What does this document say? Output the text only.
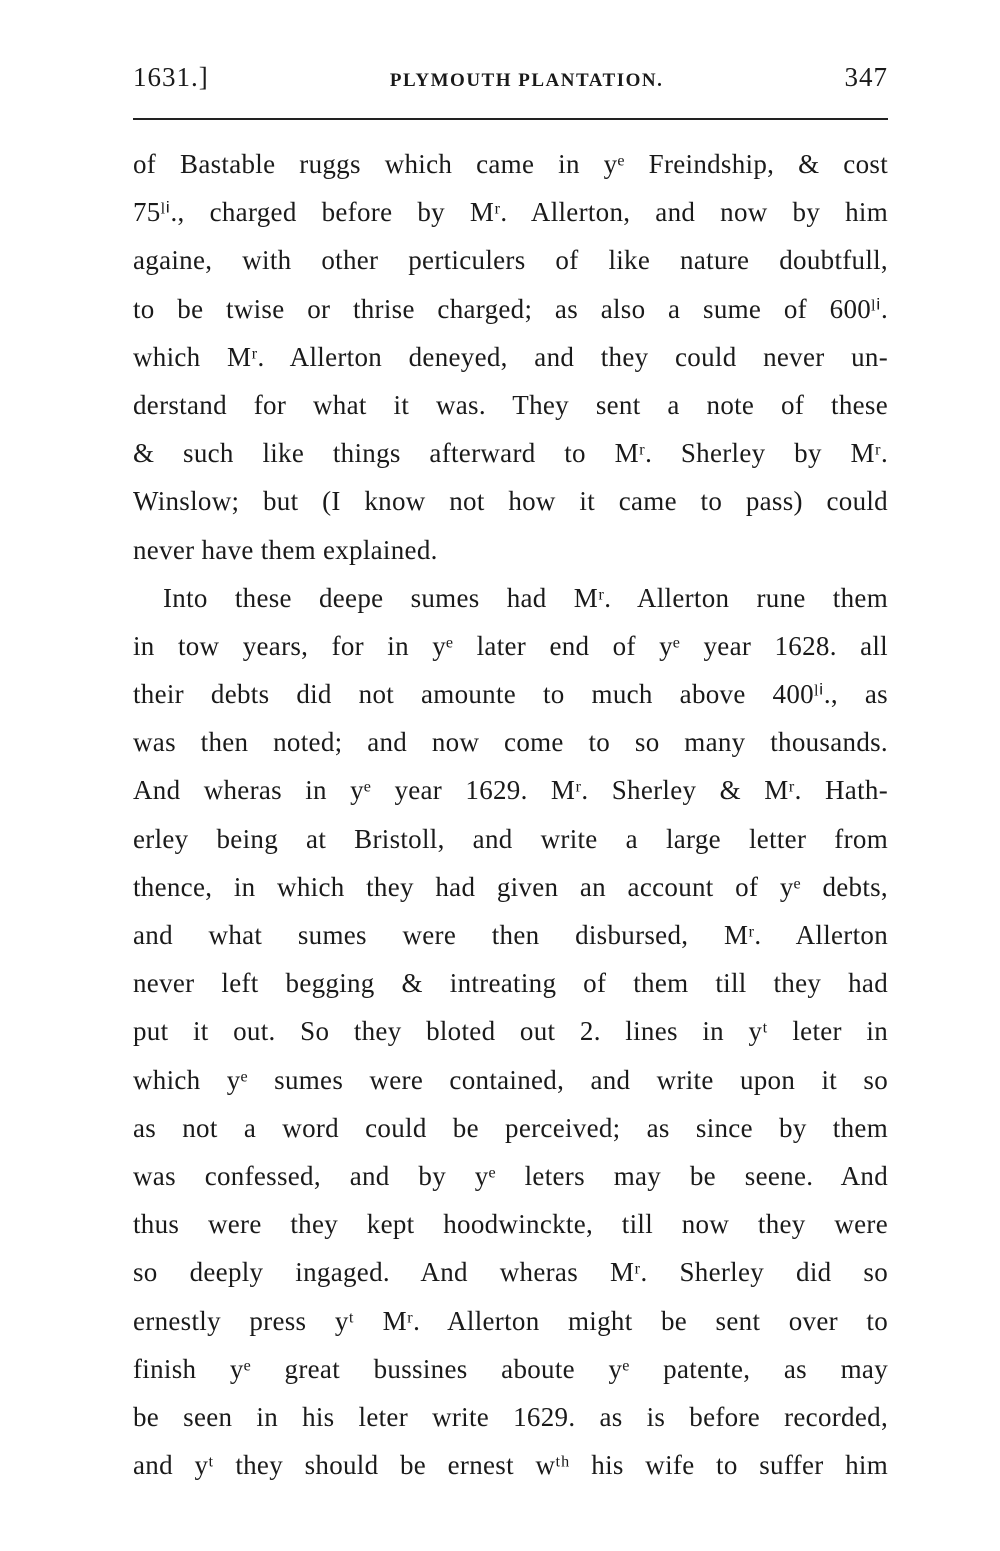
1631.]	PLYMOUTH PLANTATION.	347
of Bastable ruggs which came in yᵉ Freindship, & cost
75ˡⁱ., charged before by Mʳ. Allerton, and now by him
againe, with other perticulers of like nature doubtfull,
to be twise or thrise charged; as also a sume of 600ˡⁱ.
which Mʳ. Allerton deneyed, and they could never un-
derstand for what it was. They sent a note of these
& such like things afterward to Mʳ. Sherley by Mʳ.
Winslow; but (I know not how it came to pass) could
never have them explained.
Into these deepe sumes had Mʳ. Allerton rune them
in tow years, for in yᵉ later end of yᵉ year 1628. all
their debts did not amounte to much above 400ˡⁱ., as
was then noted; and now come to so many thousands.
And wheras in yᵉ year 1629. Mʳ. Sherley & Mʳ. Hath-
erley being at Bristoll, and write a large letter from
thence, in which they had given an account of yᵉ debts,
and what sumes were then disbursed, Mʳ. Allerton
never left begging & intreating of them till they had
put it out. So they bloted out 2. lines in yᵗ leter in
which yᵉ sumes were contained, and write upon it so
as not a word could be perceived; as since by them
was confessed, and by yᵉ leters may be seene. And
thus were they kept hoodwinckte, till now they were
so deeply ingaged. And wheras Mʳ. Sherley did so
ernestly press yᵗ Mʳ. Allerton might be sent over to
finish yᵉ great bussines aboute yᵉ patente, as may
be seen in his leter write 1629. as is before recorded,
and yᵗ they should be ernest wᵗʰ his wife to suffer him
